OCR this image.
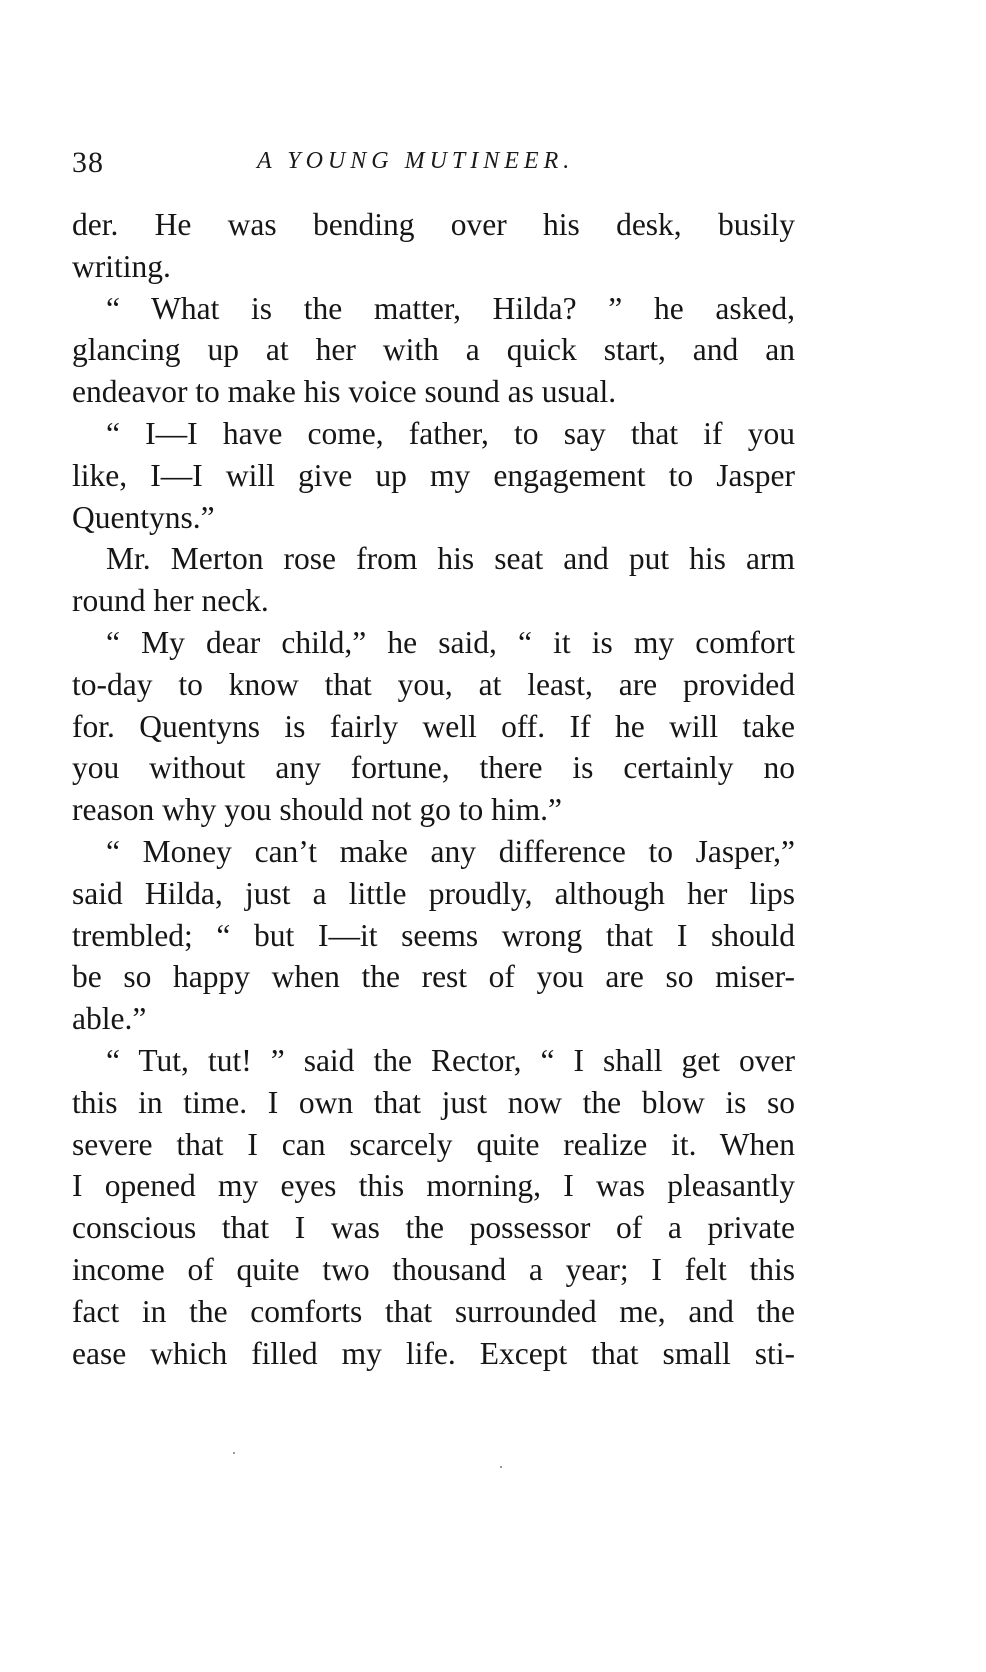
38	A YOUNG MUTINEER.
der. He was bending over his desk, busily
writing.
“ What is the matter, Hilda? ” he asked,
glancing up at her with a quick start, and an
endeavor to make his voice sound as usual.
“ I—I have come, father, to say that if you
like, I—I will give up my engagement to Jasper
Quentyns.”
Mr. Merton rose from his seat and put his arm
round her neck.
“ My dear child,” he said, “ it is my comfort
to-day to know that you, at least, are provided
for. Quentyns is fairly well off. If he will take
you without any fortune, there is certainly no
reason why you should not go to him.”
“ Money can’t make any difference to Jasper,”
said Hilda, just a little proudly, although her lips
trembled; “ but I—it seems wrong that I should
be so happy when the rest of you are so miser-
able.”
“ Tut, tut! ” said the Rector, “ I shall get over
this in time. I own that just now the blow is so
severe that I can scarcely quite realize it. When
I opened my eyes this morning, I was pleasantly
conscious that I was the possessor of a private
income of quite two thousand a year; I felt this
fact in the comforts that surrounded me, and the
ease which filled my life. Except that small sti-
